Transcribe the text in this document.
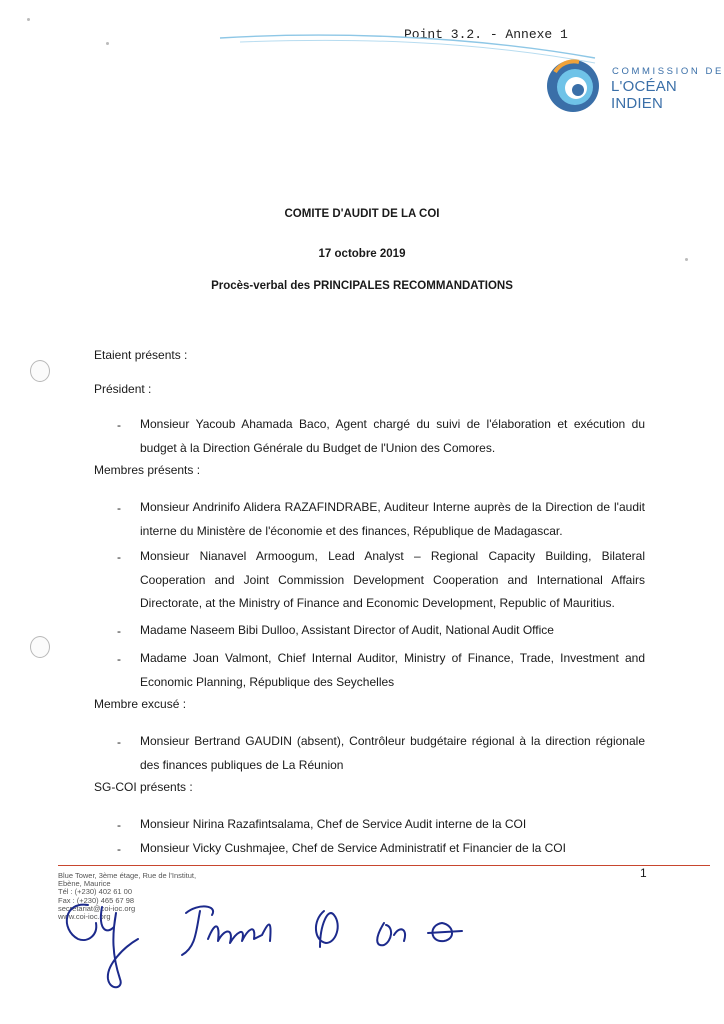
Point 3.2. - Annexe 1
COMMISSION DE
L'OCÉAN INDIEN
COMITE D'AUDIT DE LA COI
17 octobre 2019
Procès-verbal des PRINCIPALES RECOMMANDATIONS
Etaient présents :
Président :
- Monsieur Yacoub Ahamada Baco, Agent chargé du suivi de l'élaboration et exécution du budget à la Direction Générale du Budget de l'Union des Comores.
Membres présents :
- Monsieur Andrinifo Alidera RAZAFINDRABE, Auditeur Interne auprès de la Direction de l'audit interne du Ministère de l'économie et des finances, République de Madagascar.
- Monsieur Nianavel Armoogum, Lead Analyst – Regional Capacity Building, Bilateral Cooperation and Joint Commission Development Cooperation and International Affairs Directorate, at the Ministry of Finance and Economic Development, Republic of Mauritius.
- Madame Naseem Bibi Dulloo, Assistant Director of Audit, National Audit Office
- Madame Joan Valmont, Chief Internal Auditor, Ministry of Finance, Trade, Investment and Economic Planning, République des Seychelles
Membre excusé :
- Monsieur Bertrand GAUDIN (absent), Contrôleur budgétaire régional à la direction régionale des finances publiques de La Réunion
SG-COI présents :
- Monsieur Nirina Razafintsalama, Chef de Service Audit interne de la COI
- Monsieur Vicky Cushmajee, Chef de Service Administratif et Financier de la COI
Blue Tower, 3ème étage, Rue de l'Institut,
Ebène, Maurice
Tél : (+230) 402 61 00
Fax : (+230) 465 67 98
secretariat@coi-ioc.org
www.coi-ioc.org
1
